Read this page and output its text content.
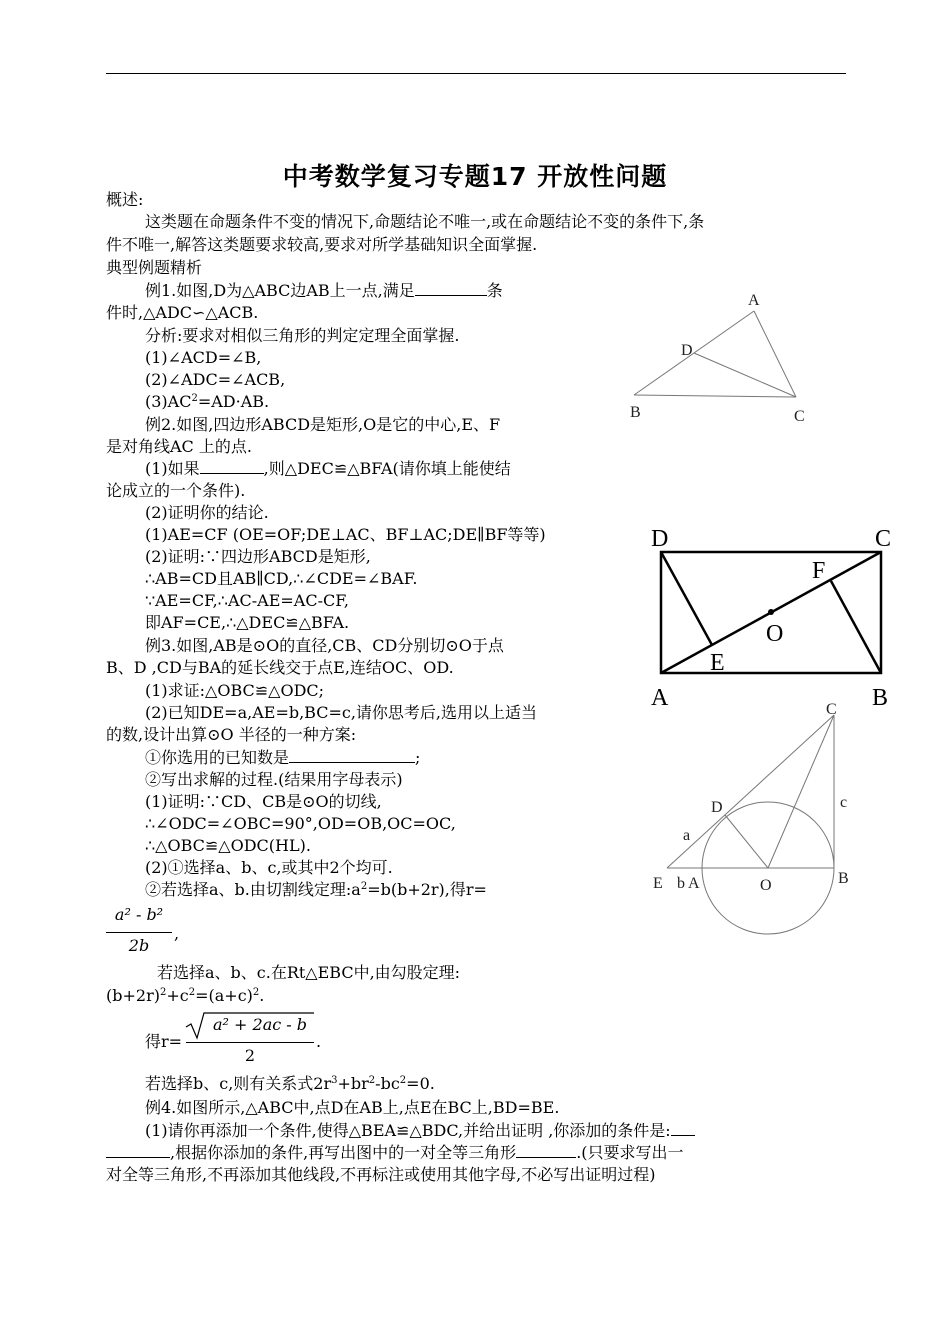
中考数学复习专题17 开放性问题

概述:

这类题在命题条件不变的情况下,命题结论不唯一,或在命题结论不变的条件下,条

件不唯一,解答这类题要求较高,要求对所学基础知识全面掌握.

典型例题精析

例1.如图,D为△ABC边AB上一点,满足	条

件时,△ADC∽△ACB.

分析:要求对相似三角形的判定定理全面掌握.

(1)∠ACD=∠B,

(2)∠ADC=∠ACB,

$(3)AC^2=AD\cdot AB$.

A
D
B	C

例2.如图,四边形ABCD是矩形,O是它的中心,E、F

是对角线AC 上的点.

(1)如果	,则△DEC≌△BFA(请你填上能使结

论成立的一个条件).

(2)证明你的结论.

(1)AE=CF (OE=OF;DE⊥AC、BF⊥AC;DE∥BF等等)

(2)证明:∵四边形ABCD是矩形,

∴AB=CD且AB∥CD,∴∠CDE=∠BAF.

∵AE=CF,∴AC-AE=AC-CF,

即AF=CE,∴△DEC≌△BFA.

D	C
F
O
E
A	B

例3.如图,AB是⊙O的直径,CB、CD分别切⊙O于点

B、D ,CD与BA的延长线交于点E,连结OC、OD.

(1)求证:△OBC≌△ODC;

(2)已知DE=a,AE=b,BC=c,请你思考后,选用以上适当

的数,设计出算⊙O 半径的一种方案:

①你选用的已知数是	;

②写出求解的过程.(结果用字母表示)

(1)证明:∵CD、CB是⊙O的切线,

∴∠ODC=∠OBC=90°,OD=OB,OC=OC,

∴△OBC≌△ODC(HL).

(2)①选择a、b、c,或其中2个均可.

②若选择a、b.由切割线定理$:a^2=b(b+2r)$,得r=

a² - b²
2b

,

若选择a、b、c.在Rt△EBC中,由勾股定理:

$(b+2r)^2+c^2=(a+c)^2$.

得r=

a² + 2ac - b
2

.

若选择b、c,则有关系式$2r^3+br^2-bc^2=0$.

C
D	c
a
E b A	O	B

例4.如图所示,△ABC中,点D在AB上,点E在BC上,BD=BE.

(1)请你再添加一个条件,使得△BEA≌△BDC,并给出证明 ,你添加的条件是:

,根据你添加的条件,再写出图中的一对全等三角形	.(只要求写出一

对全等三角形,不再添加其他线段,不再标注或使用其他字母,不必写出证明过程)
